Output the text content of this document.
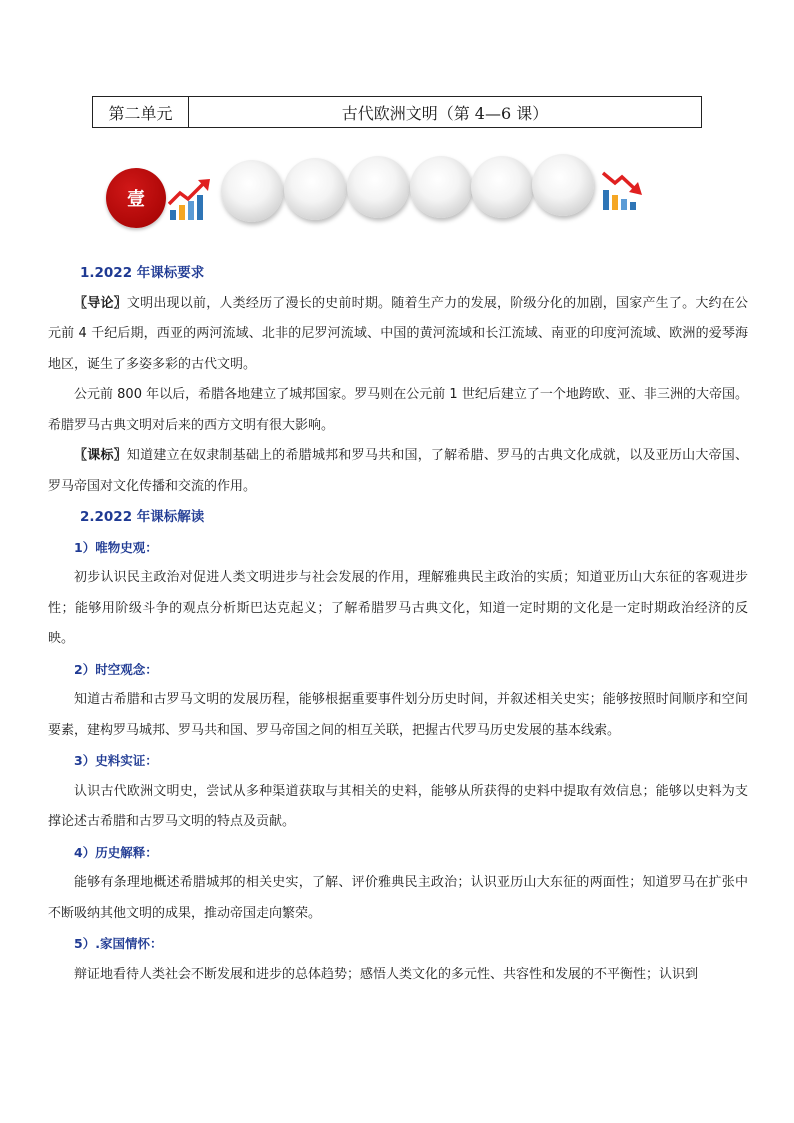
第二单元	古代欧洲文明（第 4—6 课）
壹
1.2022 年课标要求
〖导论〗文明出现以前，人类经历了漫长的史前时期。随着生产力的发展，阶级分化的加剧，国家产生了。大约在公元前 4 千纪后期，西亚的两河流域、北非的尼罗河流域、中国的黄河流域和长江流域、南亚的印度河流域、欧洲的爱琴海地区，诞生了多姿多彩的古代文明。
公元前 800 年以后，希腊各地建立了城邦国家。罗马则在公元前 1 世纪后建立了一个地跨欧、亚、非三洲的大帝国。希腊罗马古典文明对后来的西方文明有很大影响。
〖课标〗知道建立在奴隶制基础上的希腊城邦和罗马共和国，了解希腊、罗马的古典文化成就，以及亚历山大帝国、罗马帝国对文化传播和交流的作用。
2.2022 年课标解读
1）唯物史观：
初步认识民主政治对促进人类文明进步与社会发展的作用，理解雅典民主政治的实质；知道亚历山大东征的客观进步性；能够用阶级斗争的观点分析斯巴达克起义；了解希腊罗马古典文化，知道一定时期的文化是一定时期政治经济的反映。
2）时空观念：
知道古希腊和古罗马文明的发展历程，能够根据重要事件划分历史时间，并叙述相关史实；能够按照时间顺序和空间要素，建构罗马城邦、罗马共和国、罗马帝国之间的相互关联，把握古代罗马历史发展的基本线索。
3）史料实证：
认识古代欧洲文明史，尝试从多种渠道获取与其相关的史料，能够从所获得的史料中提取有效信息；能够以史料为支撑论述古希腊和古罗马文明的特点及贡献。
4）历史解释：
能够有条理地概述希腊城邦的相关史实，了解、评价雅典民主政治；认识亚历山大东征的两面性；知道罗马在扩张中不断吸纳其他文明的成果，推动帝国走向繁荣。
5）.家国情怀：
辩证地看待人类社会不断发展和进步的总体趋势；感悟人类文化的多元性、共容性和发展的不平衡性；认识到
